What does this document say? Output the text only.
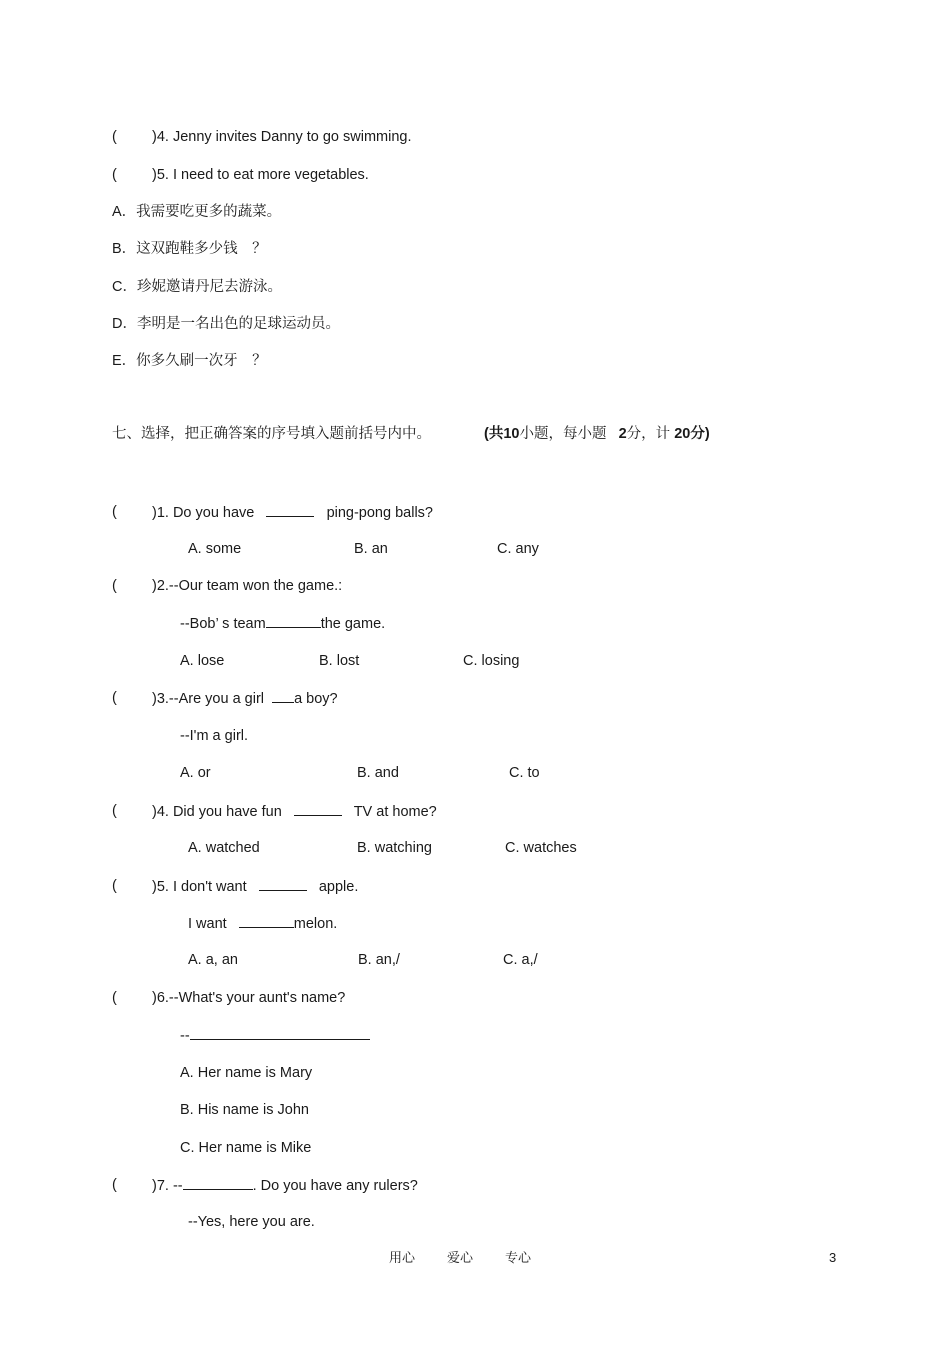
( )4. Jenny invites Danny to go swimming.
( )5. I need to eat more vegetables.
A．我需要吃更多的蔬菜。
B．这双跑鞋多少钱　？
C．珍妮邀请丹尼去游泳。
D．李明是一名出色的足球运动员。
E．你多久刷一次牙　？
七、选择，把正确答案的序号填入题前括号内中。	(共10小题，每小题 2分，计 20分)
( )1. Do you have	ping-pong balls?
A. some	B. an	C. any
( )2.--Our team won the game.:
--Bob’ s team	the game.
A. lose	B. lost	C. losing
( )3.--Are you a girl a boy?
--I'm a girl.
A. or	B. and	C. to
( )4. Did you have fun	TV at home?
A. watched	B. watching	C. watches
( )5. I don't want	apple.
I want	melon.
A. a, an	B. an,/	C. a,/
( )6.--What's your aunt's name?
--
A. Her name is Mary
B. His name is John
C. Her name is Mike
( )7. --	. Do you have any rulers?
--Yes, here you are.
用心 爱心 专心	3
